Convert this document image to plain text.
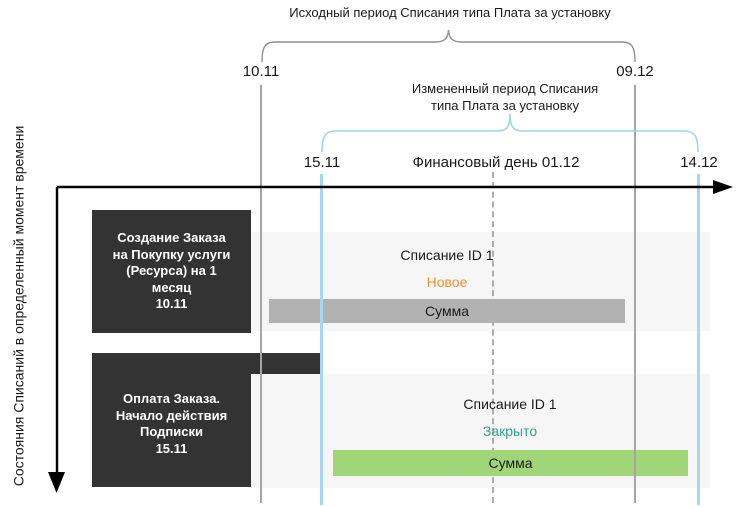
Создание Заказа
на Покупку услуги
(Ресурса) на 1
месяц
10.11
Оплата Заказа.
Начало действия
Подписки
15.11
Сумма
Сумма
Исходный период Списания типа Плата за установку
Измененный период Списания
типа Плата за установку
10.11	09.12
15.11	14.12
Финансовый день 01.12
Списание ID 1
Новое
Списание ID 1
Закрыто
Состояния Списаний в определенный момент времени
